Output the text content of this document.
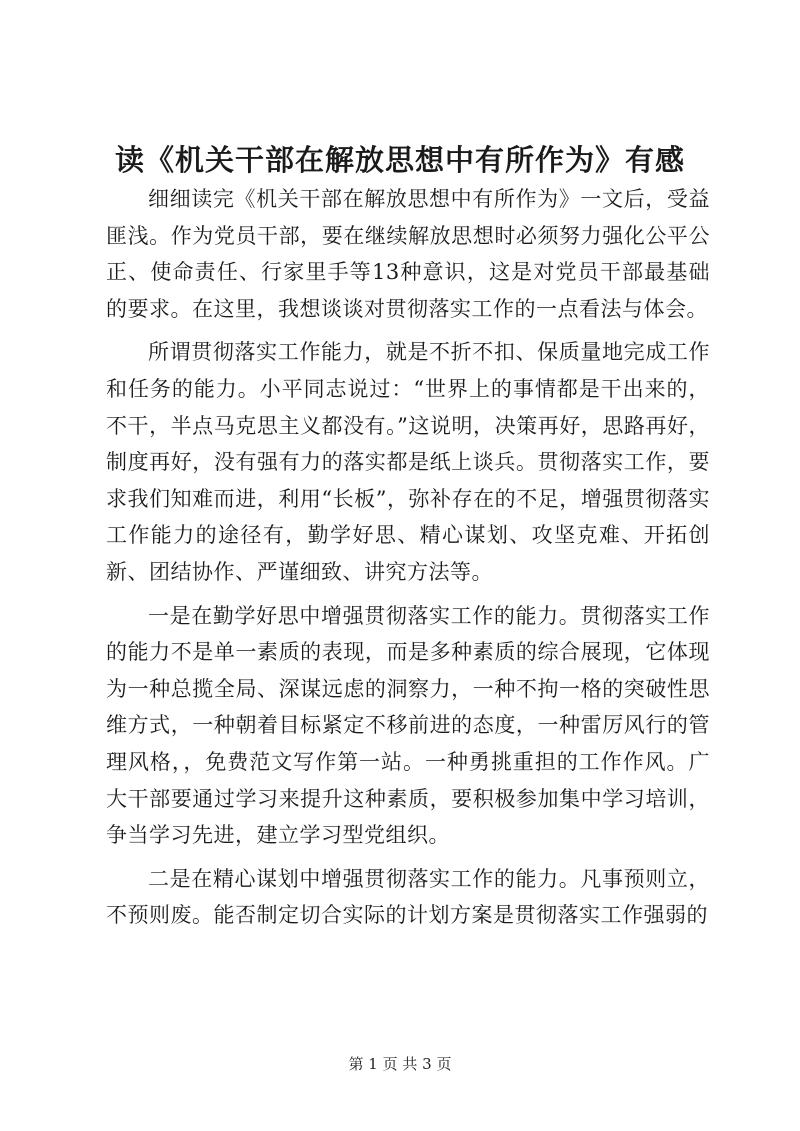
读《机关干部在解放思想中有所作为》有感

细细读完《机关干部在解放思想中有所作为》一文后，受益匪浅。作为党员干部，要在继续解放思想时必须努力强化公平公正、使命责任、行家里手等13种意识，这是对党员干部最基础的要求。在这里，我想谈谈对贯彻落实工作的一点看法与体会。

所谓贯彻落实工作能力，就是不折不扣、保质量地完成工作和任务的能力。小平同志说过：“世界上的事情都是干出来的，不干，半点马克思主义都没有。”这说明，决策再好，思路再好，制度再好，没有强有力的落实都是纸上谈兵。贯彻落实工作，要求我们知难而进，利用“长板”，弥补存在的不足，增强贯彻落实工作能力的途径有，勤学好思、精心谋划、攻坚克难、开拓创新、团结协作、严谨细致、讲究方法等。

一是在勤学好思中增强贯彻落实工作的能力。贯彻落实工作的能力不是单一素质的表现，而是多种素质的综合展现，它体现为一种总揽全局、深谋远虑的洞察力，一种不拘一格的突破性思维方式，一种朝着目标紧定不移前进的态度，一种雷厉风行的管理风格，，免费范文写作第一站。一种勇挑重担的工作作风。广大干部要通过学习来提升这种素质，要积极参加集中学习培训，争当学习先进，建立学习型党组织。

二是在精心谋划中增强贯彻落实工作的能力。凡事预则立，不预则废。能否制定切合实际的计划方案是贯彻落实工作强弱的

第 1 页 共 3 页
